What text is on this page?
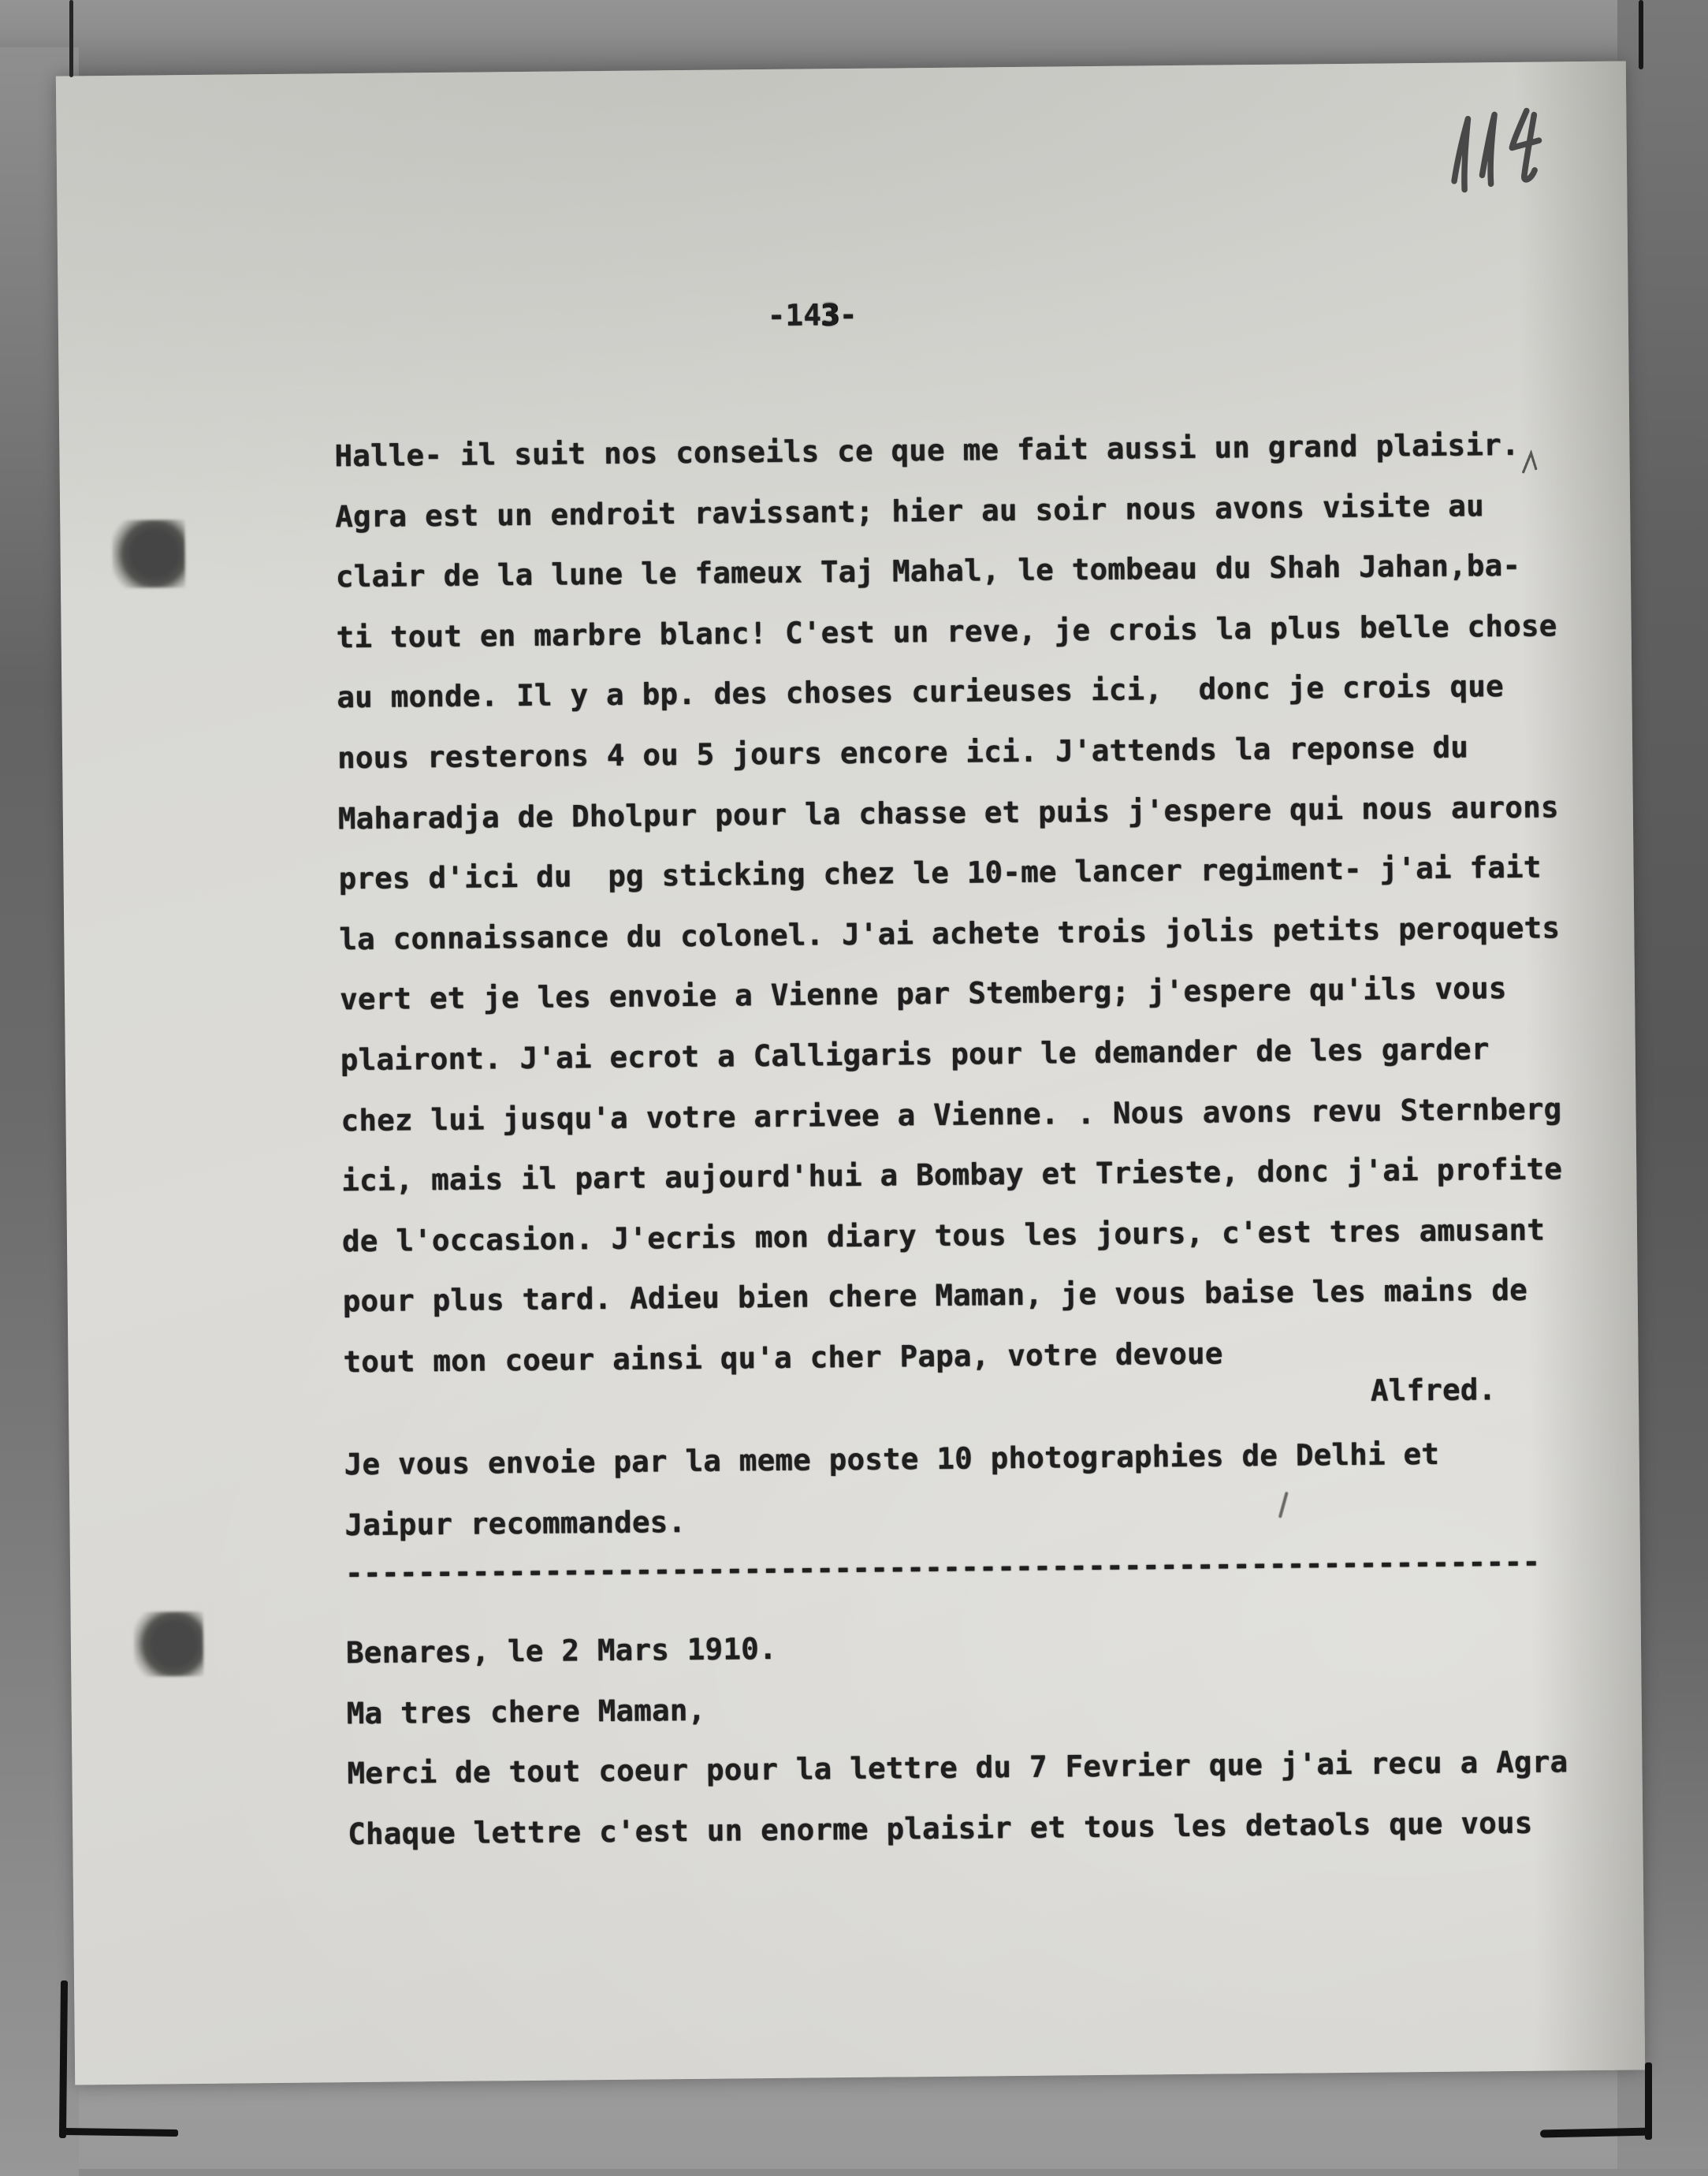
-143-
Halle- il suit nos conseils ce que me fait aussi un grand plaisir.
Agra est un endroit ravissant; hier au soir nous avons visite au
clair de la lune le fameux Taj Mahal, le tombeau du Shah Jahan,ba-
ti tout en marbre blanc! C'est un reve, je crois la plus belle chose
au monde. Il y a bp. des choses curieuses ici,  donc je crois que
nous resterons 4 ou 5 jours encore ici. J'attends la reponse du
Maharadja de Dholpur pour la chasse et puis j'espere qui nous aurons
pres d'ici du  pg sticking chez le 10-me lancer regiment- j'ai fait
la connaissance du colonel. J'ai achete trois jolis petits peroquets
vert et je les envoie a Vienne par Stemberg; j'espere qu'ils vous
plairont. J'ai ecrot a Calligaris pour le demander de les garder
chez lui jusqu'a votre arrivee a Vienne. . Nous avons revu Sternberg
ici, mais il part aujourd'hui a Bombay et Trieste, donc j'ai profite
de l'occasion. J'ecris mon diary tous les jours, c'est tres amusant
pour plus tard. Adieu bien chere Maman, je vous baise les mains de
tout mon coeur ainsi qu'a cher Papa, votre devoue
Alfred.
Je vous envoie par la meme poste 10 photographies de Delhi et
Jaipur recommandes.
------------------------------------------------------------------
Benares, le 2 Mars 1910.
Ma tres chere Maman,
Merci de tout coeur pour la lettre du 7 Fevrier que j'ai recu a Agra
Chaque lettre c'est un enorme plaisir et tous les detaols que vous
